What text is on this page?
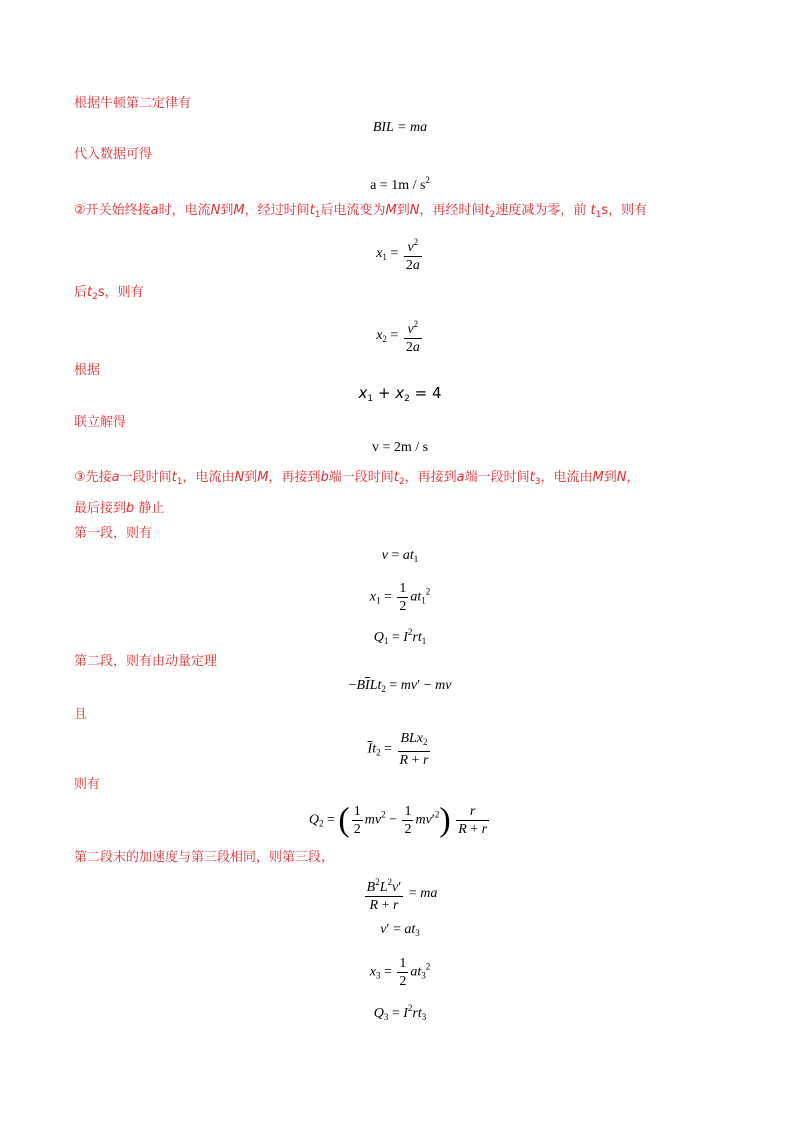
根据牛顿第二定律有
BIL = ma
代入数据可得
$a = 1m / s^2$
②开关始终接a时，电流N到M，经过时间$t_1$后电流变为M到N，再经时间$t_2$速度减为零，前 $t_1s$，则有
$x_1 = \frac{v^2}{2a}$
后$t_2s$，则有
$x_2 = \frac{v^2}{2a}$
根据
$x_1 + x_2 = 4$
联立解得
v = 2m / s
③先接a一段时间$t_1$，电流由N到M，再接到b端一段时间$t_2$，再接到a端一段时间$t_3$，电流由M到N，
最后接到b 静止
第一段，则有
$v = at_1$
$x_1 = \frac{1}{2} at_1^2$
$Q_1 = I^2rt_1$
第二段，则有由动量定理
$-B\overline{I}Lt_2 = mv'$ − mv
且
$\overline{I}t_2 = \frac{BLx_2}{R + r}$
则有
$Q_2$ = ( $\frac{1}{2} mv^2 - \frac{1}{2} mv'^2) \frac{r}{R + r}$
第二段末的加速度与第三段相同，则第三段，
$\frac{B^2L^2v'}{R + r}$ = ma
$v' = at_3$
$x_3 = \frac{1}{2} at_3^2$
$Q_3 = I^2rt_3$
